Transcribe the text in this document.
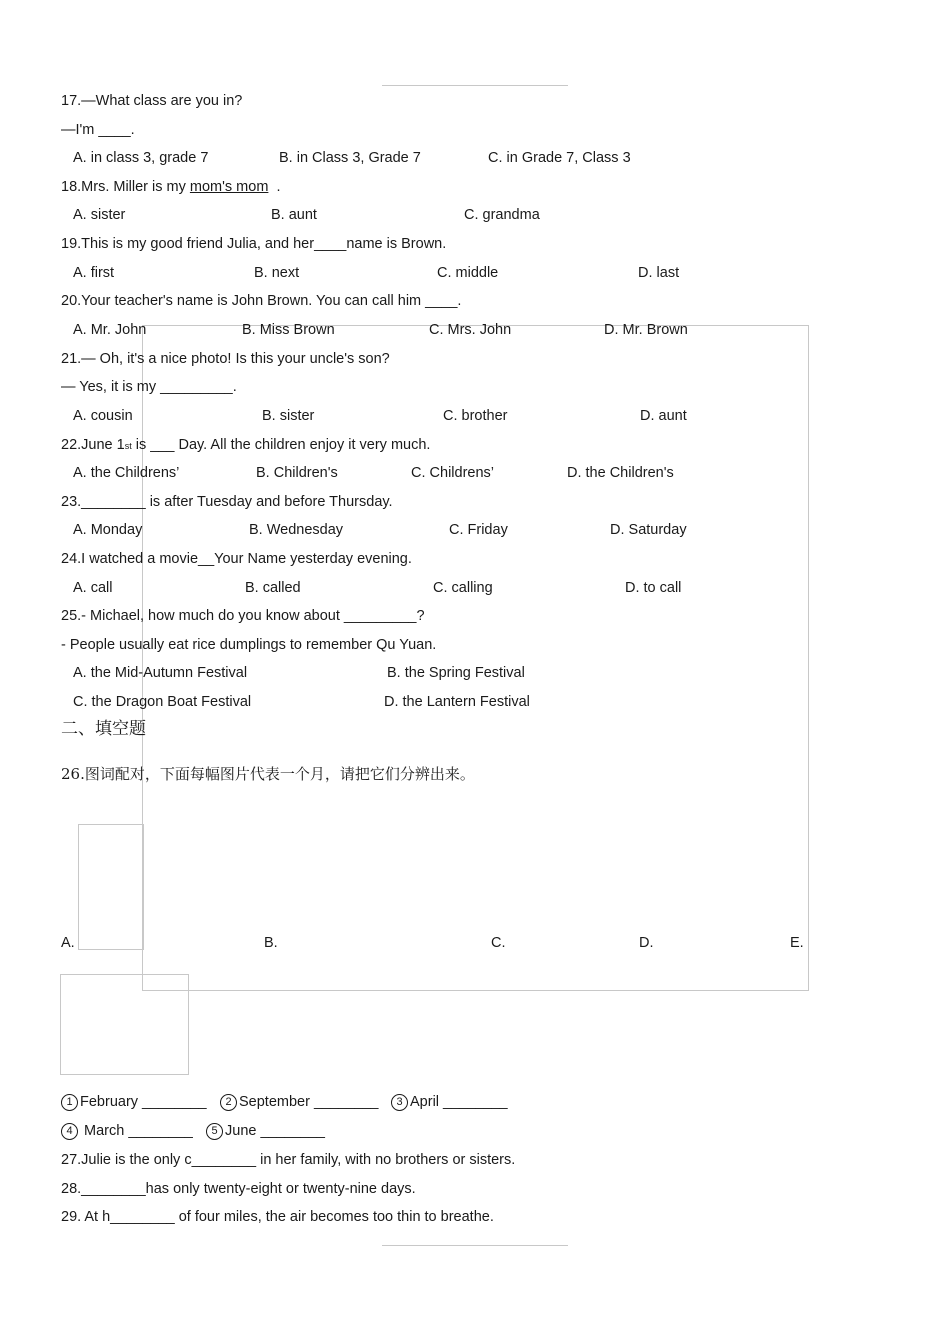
17.—What class are you in?
—I'm ____.
A. in class 3, grade 7	B. in Class 3, Grade 7	C. in Grade 7, Class 3
18.Mrs. Miller is my mom's mom  .
A. sister	B. aunt	C. grandma
19.This is my good friend Julia, and her____name is Brown.
A. first	B. next	C. middle	D. last
20.Your teacher's name is John Brown. You can call him ____.
A. Mr. John	B. Miss Brown	C. Mrs. John	D. Mr. Brown
21.— Oh, it's a nice photo! Is this your uncle's son?
— Yes, it is my _________.
A. cousin	B. sister	C. brother	D. aunt
22.June 1st is ___ Day. All the children enjoy it very much.
A. the Childrens’	B. Children's	C. Childrens’	D. the Children's
23.________ is after Tuesday and before Thursday.
A. Monday	B. Wednesday	C. Friday	D. Saturday
24.I watched a movie__Your Name yesterday evening.
A. call	B. called	C. calling	D. to call
25.- Michael, how much do you know about _________?
- People usually eat rice dumplings to remember Qu Yuan.
A. the Mid-Autumn Festival	B. the Spring Festival
C. the Dragon Boat Festival	D. the Lantern Festival
二、填空题
26.图词配对，下面每幅图片代表一个月，请把它们分辨出来。
A.	B.	C.	D.	E.
1 February ________	2 September ________	3 April ________
4 March ________	5 June ________
27.Julie is the only c________ in her family, with no brothers or sisters.
28.________has only twenty-eight or twenty-nine days.
29. At h________ of four miles, the air becomes too thin to breathe.
